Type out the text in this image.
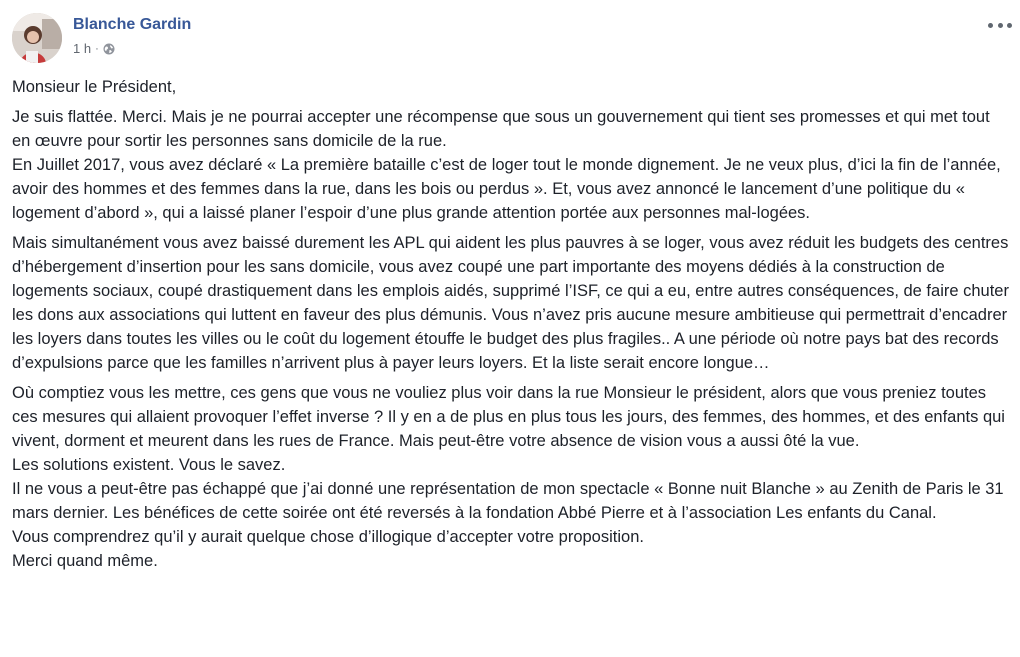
Blanche Gardin
1 h ·

Monsieur le Président,

Je suis flattée. Merci. Mais je ne pourrai accepter une récompense que sous un gouvernement qui tient ses promesses et qui met tout en œuvre pour sortir les personnes sans domicile de la rue.
En Juillet 2017, vous avez déclaré « La première bataille c’est de loger tout le monde dignement. Je ne veux plus, d’ici la fin de l’année, avoir des hommes et des femmes dans la rue, dans les bois ou perdus ». Et, vous avez annoncé le lancement d’une politique du « logement d’abord », qui a laissé planer l’espoir d’une plus grande attention portée aux personnes mal-logées.

Mais simultanément vous avez baissé durement les APL qui aident les plus pauvres à se loger, vous avez réduit les budgets des centres d’hébergement d’insertion pour les sans domicile, vous avez coupé une part importante des moyens dédiés à la construction de logements sociaux, coupé drastiquement dans les emplois aidés, supprimé l’ISF, ce qui a eu, entre autres conséquences, de faire chuter les dons aux associations qui luttent en faveur des plus démunis. Vous n’avez pris aucune mesure ambitieuse qui permettrait d’encadrer les loyers dans toutes les villes ou le coût du logement étouffe le budget des plus fragiles.. A une période où notre pays bat des records d’expulsions parce que les familles n’arrivent plus à payer leurs loyers. Et la liste serait encore longue…

Où comptiez vous les mettre, ces gens que vous ne vouliez plus voir dans la rue Monsieur le président, alors que vous preniez toutes ces mesures qui allaient provoquer l’effet inverse ? Il y en a de plus en plus tous les jours, des femmes, des hommes, et des enfants qui vivent, dorment et meurent dans les rues de France. Mais peut-être votre absence de vision vous a aussi ôté la vue.
Les solutions existent. Vous le savez.
Il ne vous a peut-être pas échappé que j’ai donné une représentation de mon spectacle « Bonne nuit Blanche » au Zenith de Paris le 31 mars dernier. Les bénéfices de cette soirée ont été reversés à la fondation Abbé Pierre et à l’association Les enfants du Canal.
Vous comprendrez qu’il y aurait quelque chose d’illogique d’accepter votre proposition.
Merci quand même.
